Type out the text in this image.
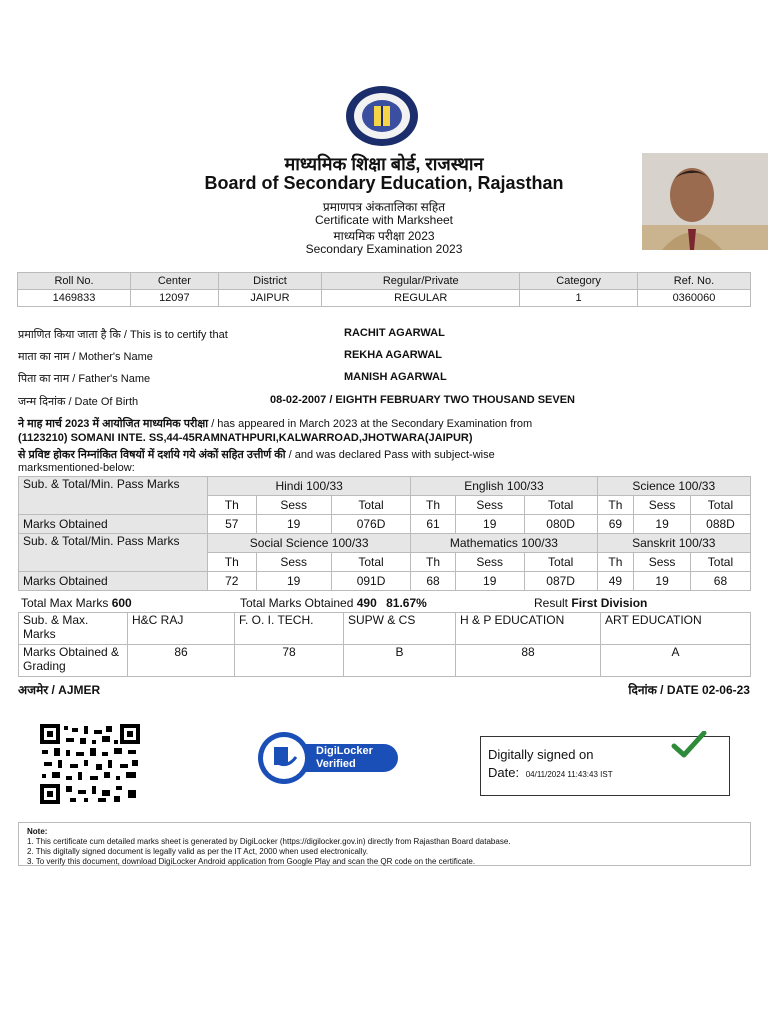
माध्यमिक शिक्षा बोर्ड, राजस्थान
Board of Secondary Education, Rajasthan
प्रमाणपत्र अंकतालिका सहित
Certificate with Marksheet
माध्यमिक परीक्षा 2023
Secondary Examination 2023
Roll No.	Center	District	Regular/Private	Category	Ref. No.
1469833	12097	JAIPUR	REGULAR	1	0360060
प्रमाणित किया जाता है कि / This is to certify that	RACHIT AGARWAL
माता का नाम / Mother's Name	REKHA AGARWAL
पिता का नाम / Father's Name	MANISH AGARWAL
जन्म दिनांक / Date Of Birth	08-02-2007 / EIGHTH FEBRUARY TWO THOUSAND SEVEN
ने माह मार्च 2023 में आयोजित माध्यमिक परीक्षा / has appeared in March 2023 at the Secondary Examination from
(1123210) SOMANI INTE. SS,44-45RAMNATHPURI,KALWARROAD,JHOTWARA(JAIPUR)
से प्रविष्ट होकर निम्नांकित विषयों में दर्शाये गये अंकों सहित उत्तीर्ण की / and was declared Pass with subject-wise
marksmentioned-below:
Sub. & Total/Min. Pass Marks	Hindi 100/33			English 100/33			Science 100/33		
	Th	Sess	Total	Th	Sess	Total	Th	Sess	Total
Marks Obtained	57	19	076D	61	19	080D	69	19	088D
Sub. & Total/Min. Pass Marks	Social Science 100/33			Mathematics 100/33			Sanskrit 100/33		
	Th	Sess	Total	Th	Sess	Total	Th	Sess	Total
Marks Obtained	72	19	091D	68	19	087D	49	19	68
Total Max Marks 600	Total Marks Obtained 490 81.67%	Result First Division
Sub. & Max. Marks	H&C RAJ	F. O. I. TECH.	SUPW & CS	H & P EDUCATION	ART EDUCATION
Marks Obtained & Grading	86	78	B	88	A
अजमेर / AJMER	दिनांक / DATE 02-06-23
DigiLocker
Verified
Digitally signed on
Date: 04/11/2024 11:43:43 IST
Note:
1. This certificate cum detailed marks sheet is generated by DigiLocker (https://digilocker.gov.in) directly from Rajasthan Board database.
2. This digitally signed document is legally valid as per the IT Act, 2000 when used electronically.
3. To verify this document, download DigiLocker Android application from Google Play and scan the QR code on the certificate.
